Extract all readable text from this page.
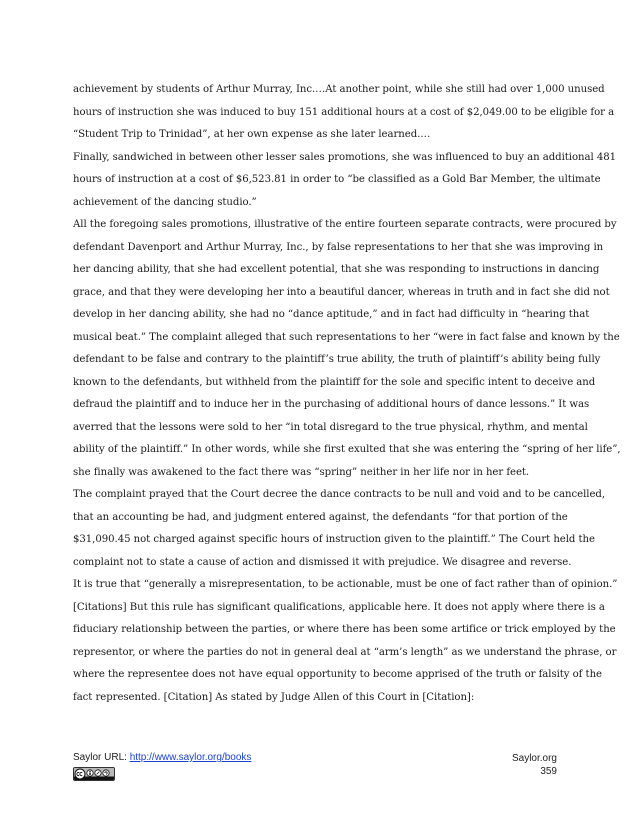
achievement by students of Arthur Murray, Inc.…At another point, while she still had over 1,000 unused
hours of instruction she was induced to buy 151 additional hours at a cost of $2,049.00 to be eligible for a
“Student Trip to Trinidad”, at her own expense as she later learned.…
Finally, sandwiched in between other lesser sales promotions, she was influenced to buy an additional 481
hours of instruction at a cost of $6,523.81 in order to “be classified as a Gold Bar Member, the ultimate
achievement of the dancing studio.”
All the foregoing sales promotions, illustrative of the entire fourteen separate contracts, were procured by
defendant Davenport and Arthur Murray, Inc., by false representations to her that she was improving in
her dancing ability, that she had excellent potential, that she was responding to instructions in dancing
grace, and that they were developing her into a beautiful dancer, whereas in truth and in fact she did not
develop in her dancing ability, she had no “dance aptitude,” and in fact had difficulty in “hearing that
musical beat.” The complaint alleged that such representations to her “were in fact false and known by the
defendant to be false and contrary to the plaintiff’s true ability, the truth of plaintiff’s ability being fully
known to the defendants, but withheld from the plaintiff for the sole and specific intent to deceive and
defraud the plaintiff and to induce her in the purchasing of additional hours of dance lessons.” It was
averred that the lessons were sold to her “in total disregard to the true physical, rhythm, and mental
ability of the plaintiff.” In other words, while she first exulted that she was entering the “spring of her life”,
she finally was awakened to the fact there was “spring” neither in her life nor in her feet.
The complaint prayed that the Court decree the dance contracts to be null and void and to be cancelled,
that an accounting be had, and judgment entered against, the defendants “for that portion of the
$31,090.45 not charged against specific hours of instruction given to the plaintiff.” The Court held the
complaint not to state a cause of action and dismissed it with prejudice. We disagree and reverse.
It is true that “generally a misrepresentation, to be actionable, must be one of fact rather than of opinion.”
[Citations] But this rule has significant qualifications, applicable here. It does not apply where there is a
fiduciary relationship between the parties, or where there has been some artifice or trick employed by the
representor, or where the parties do not in general deal at “arm’s length” as we understand the phrase, or
where the representee does not have equal opportunity to become apprised of the truth or falsity of the
fact represented. [Citation] As stated by Judge Allen of this Court in [Citation]:
Saylor URL: http://www.saylor.org/books	Saylor.org
359
